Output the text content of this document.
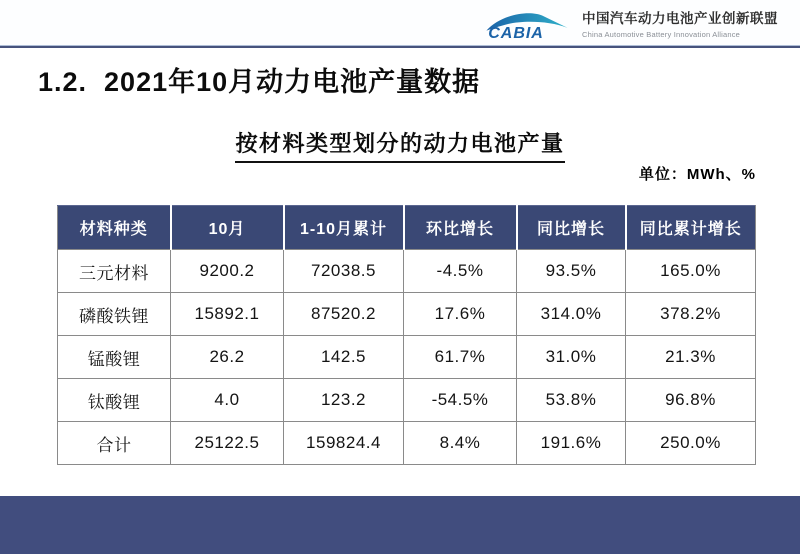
CABIA
中国汽车动力电池产业创新联盟
China Automotive Battery Innovation Alliance
1.2.  2021年10月动力电池产量数据
按材料类型划分的动力电池产量
单位：MWh、%
材料种类	10月	1-10月累计	环比增长	同比增长	同比累计增长
三元材料	9200.2	72038.5	-4.5%	93.5%	165.0%
磷酸铁锂	15892.1	87520.2	17.6%	314.0%	378.2%
锰酸锂	26.2	142.5	61.7%	31.0%	21.3%
钛酸锂	4.0	123.2	-54.5%	53.8%	96.8%
合计	25122.5	159824.4	8.4%	191.6%	250.0%
